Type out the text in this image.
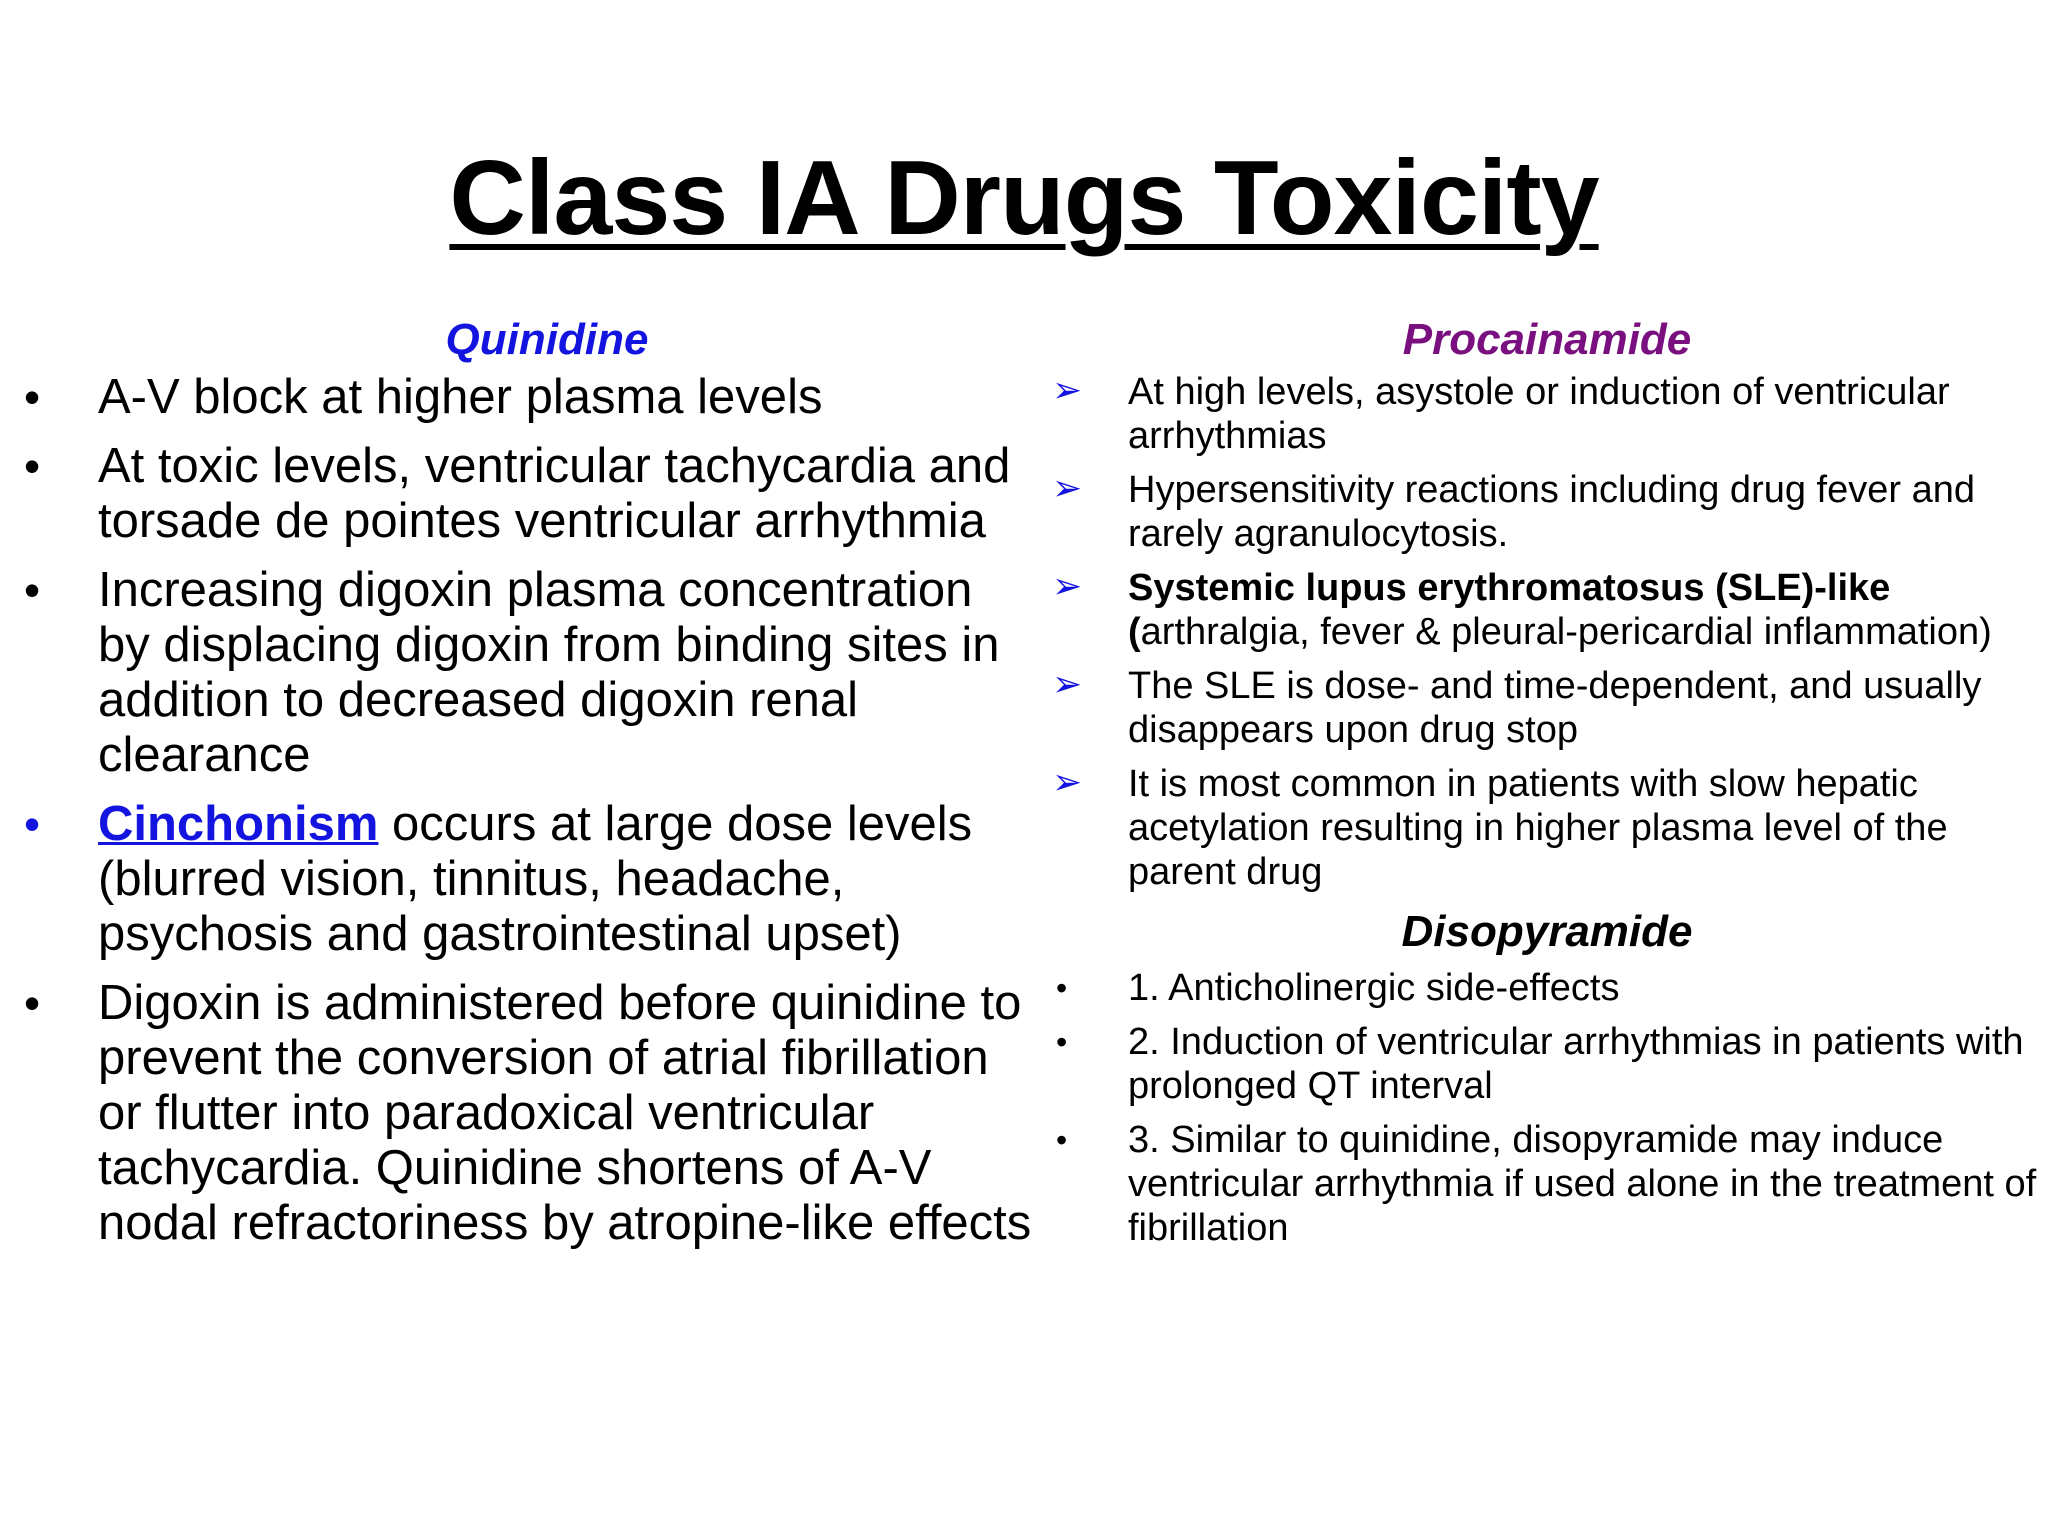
Class IA Drugs Toxicity
Quinidine
• A-V block at higher plasma levels
• At toxic levels, ventricular tachycardia and torsade de pointes ventricular arrhythmia
• Increasing digoxin plasma concentration by displacing digoxin from binding sites in addition to decreased digoxin renal clearance
• Cinchonism occurs at large dose levels (blurred vision, tinnitus, headache, psychosis and gastrointestinal upset)
• Digoxin is administered before quinidine to prevent the conversion of atrial fibrillation or flutter into paradoxical ventricular tachycardia. Quinidine shortens of A-V nodal refractoriness by atropine-like effects
Procainamide
➢ At high levels, asystole or induction of ventricular arrhythmias
➢ Hypersensitivity reactions including drug fever and rarely agranulocytosis.
➢ Systemic lupus erythromatosus (SLE)-like (arthralgia, fever & pleural-pericardial inflammation)
➢ The SLE is dose- and time-dependent, and usually disappears upon drug stop
➢ It is most common in patients with slow hepatic acetylation resulting in higher plasma level of the parent drug
Disopyramide
• 1. Anticholinergic side-effects
• 2. Induction of ventricular arrhythmias in patients with prolonged QT interval
• 3. Similar to quinidine, disopyramide may induce ventricular arrhythmia if used alone in the treatment of fibrillation
